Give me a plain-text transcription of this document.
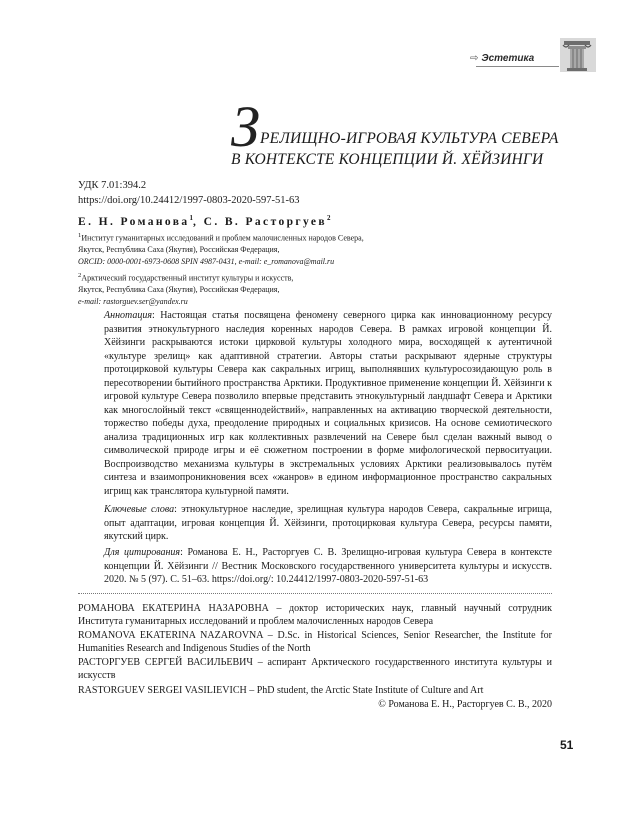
⇨ Эстетика
З РЕЛИЩНО-ИГРОВАЯ КУЛЬТУРА СЕВЕРА
В КОНТЕКСТЕ КОНЦЕПЦИИ Й. ХЁЙЗИНГИ
УДК 7.01:394.2
https://doi.org/10.24412/1997-0803-2020-597-51-63
Е. Н. Романова$^1$, С. В. Расторгуев$^2$
$^1$Институт гуманитарных исследований и проблем малочисленных народов Севера,
Якутск, Республика Саха (Якутия), Российская Федерация,
ORCID: 0000-0001-6973-0608 SPIN 4987-0431, e-mail: e_romanova@mail.ru
$^2$Арктический государственный институт культуры и искусств,
Якутск, Республика Саха (Якутия), Российская Федерация,
e-mail: rastorguev.ser@yandex.ru
Аннотация: Настоящая статья посвящена феномену северного цирка как инновационному ресурсу развития этнокультурного наследия коренных народов Севера. В рамках игровой концепции Й. Хёйзинги раскрываются истоки цирковой культуры холодного мира, восходящей к аутентичной «культуре зрелищ» как адаптивной стратегии. Авторы статьи раскрывают ядерные структуры протоцирковой культуры Севера как сакральных игрищ, выполнявших культуросозидающую роль в пересотворении бытийного пространства Арктики. Продуктивное применение концепции Й. Хёйзинги к игровой культуре Севера позволило впервые представить этнокультурный ландшафт Севера и Арктики как многослойный текст «священнодействий», направленных на активацию творческой деятельности, торжество победы духа, преодоление природных и социальных кризисов. На основе семиотического анализа традиционных игр как коллективных развлечений на Севере был сделан важный вывод о символической природе игры и её сюжетном построении в форме мифологической первоситуации. Воспроизводство механизма культуры в экстремальных условиях Арктики реализовывалось путём синтеза и взаимопроникновения всех «жанров» в едином информационное пространство сакральных игрищ как транслятора культурной памяти.
Ключевые слова: этнокультурное наследие, зрелищная культура народов Севера, сакральные игрища, опыт адаптации, игровая концепция Й. Хёйзинги, протоцирковая культура Севера, ресурсы памяти, якутский цирк.
Для цитирования: Романова Е. Н., Расторгуев С. В. Зрелищно-игровая культура Севера в контексте концепции Й. Хёйзинги // Вестник Московского государственного университета культуры и искусств. 2020. № 5 (97). С. 51–63. https://doi.org/: 10.24412/1997-0803-2020-597-51-63
РОМАНОВА ЕКАТЕРИНА НАЗАРОВНА – доктор исторических наук, главный научный сотрудник Института гуманитарных исследований и проблем малочисленных народов Севера
ROMANOVA EKATERINA NAZAROVNA – D.Sc. in Historical Sciences, Senior Researcher, the Institute for Humanities Research and Indigenous Studies of the North
РАСТОРГУЕВ СЕРГЕЙ ВАСИЛЬЕВИЧ – аспирант Арктического государственного института культуры и искусств
RASTORGUEV SERGEI VASILIEVICH – PhD student, the Arctic State Institute of Culture and Art
© Романова Е. Н., Расторгуев С. В., 2020
51
